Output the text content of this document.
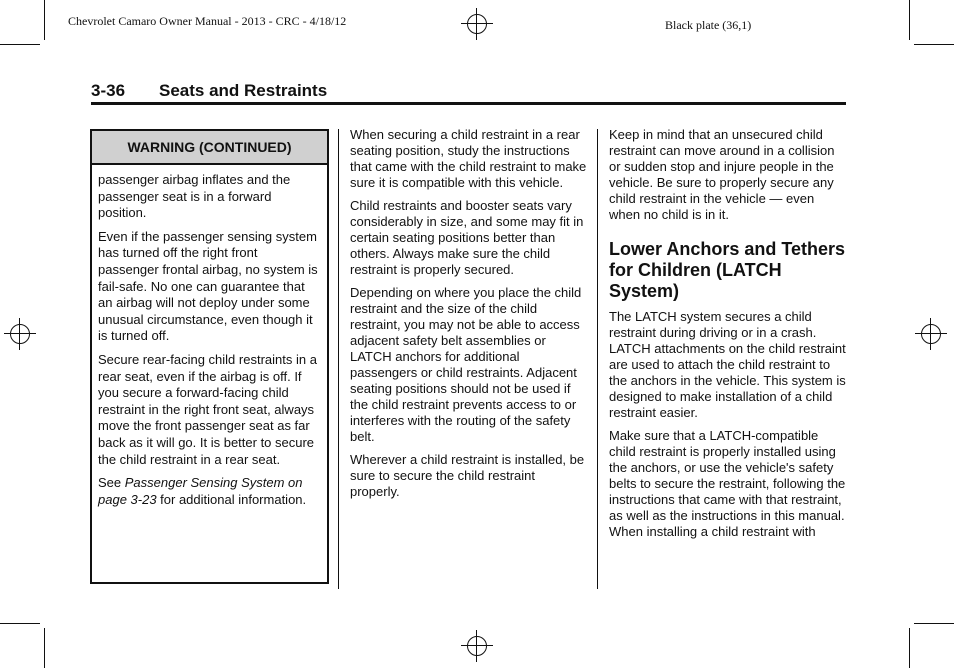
Chevrolet Camaro Owner Manual - 2013 - CRC - 4/18/12	Black plate (36,1)
3-36 Seats and Restraints
WARNING (CONTINUED)

passenger airbag inflates and the passenger seat is in a forward position.

Even if the passenger sensing system has turned off the right front passenger frontal airbag, no system is fail-safe. No one can guarantee that an airbag will not deploy under some unusual circumstance, even though it is turned off.

Secure rear-facing child restraints in a rear seat, even if the airbag is off. If you secure a forward-facing child restraint in the right front seat, always move the front passenger seat as far back as it will go. It is better to secure the child restraint in a rear seat.

See Passenger Sensing System on page 3-23 for additional information.

When securing a child restraint in a rear seating position, study the instructions that came with the child restraint to make sure it is compatible with this vehicle.

Child restraints and booster seats vary considerably in size, and some may fit in certain seating positions better than others. Always make sure the child restraint is properly secured.

Depending on where you place the child restraint and the size of the child restraint, you may not be able to access adjacent safety belt assemblies or LATCH anchors for additional passengers or child restraints. Adjacent seating positions should not be used if the child restraint prevents access to or interferes with the routing of the safety belt.

Wherever a child restraint is installed, be sure to secure the child restraint properly.

Keep in mind that an unsecured child restraint can move around in a collision or sudden stop and injure people in the vehicle. Be sure to properly secure any child restraint in the vehicle — even when no child is in it.

Lower Anchors and Tethers for Children (LATCH System)

The LATCH system secures a child restraint during driving or in a crash. LATCH attachments on the child restraint are used to attach the child restraint to the anchors in the vehicle. This system is designed to make installation of a child restraint easier.

Make sure that a LATCH-compatible child restraint is properly installed using the anchors, or use the vehicle's safety belts to secure the restraint, following the instructions that came with that restraint, as well as the instructions in this manual. When installing a child restraint with
